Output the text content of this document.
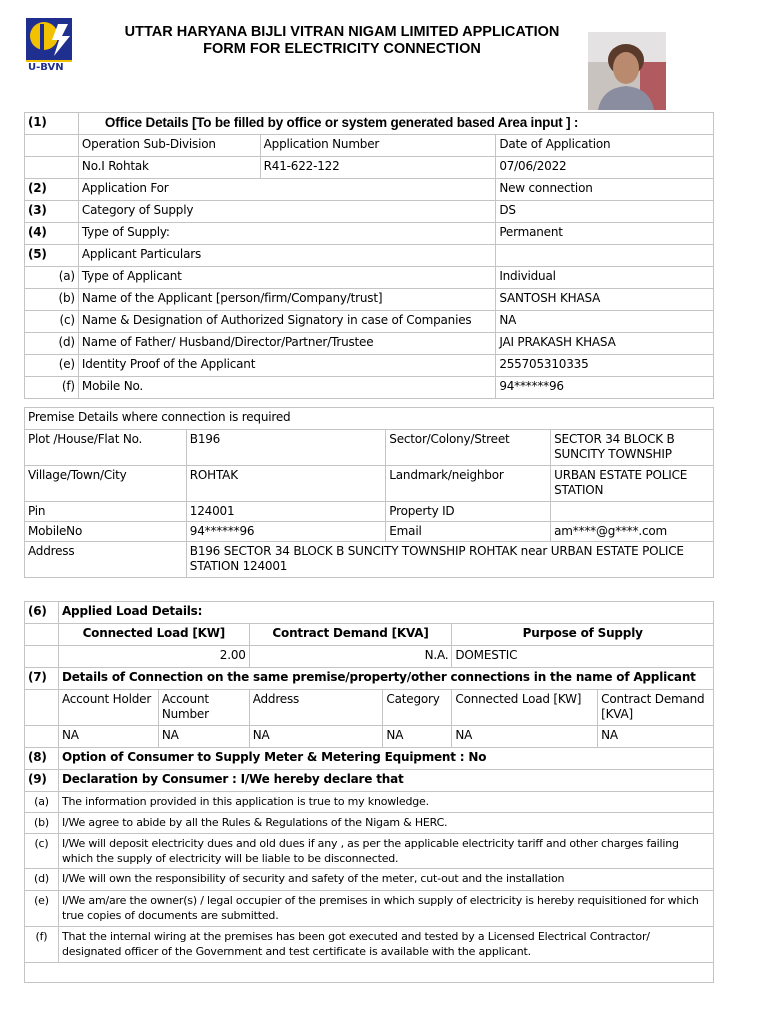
U-BVN
UTTAR HARYANA BIJLI VITRAN NIGAM LIMITED APPLICATION
FORM FOR ELECTRICITY CONNECTION
(1)	Office Details [To be filled by office or system generated based Area input ] :		
	Operation Sub-Division	Application Number	Date of Application
	No.I Rohtak	R41-622-122	07/06/2022
(2)	Application For		New connection
(3)	Category of Supply		DS
(4)	Type of Supply:		Permanent
(5)	Applicant Particulars		
(a)	Type of Applicant		Individual
(b)	Name of the Applicant [person/firm/Company/trust]		SANTOSH KHASA
(c)	Name & Designation of Authorized Signatory in case of Companies		NA
(d)	Name of Father/ Husband/Director/Partner/Trustee		JAI PRAKASH KHASA
(e)	Identity Proof of the Applicant		255705310335
(f)	Mobile No.		94******96
Premise Details where connection is required			
Plot /House/Flat No.	B196	Sector/Colony/Street	SECTOR 34 BLOCK B SUNCITY TOWNSHIP
Village/Town/City	ROHTAK	Landmark/neighbor	URBAN ESTATE POLICE STATION
Pin	124001	Property ID	
MobileNo	94******96	Email	am****@g****.com
Address	B196 SECTOR 34 BLOCK B SUNCITY TOWNSHIP ROHTAK near URBAN ESTATE POLICE STATION 124001		
(6)	Applied Load Details:					
	Connected Load [KW]		Contract Demand [KVA]		Purpose of Supply	
	2.00		N.A.		DOMESTIC	
(7)	Details of Connection on the same premise/property/other connections in the name of Applicant					
	Account Holder	Account Number	Address	Category	Connected Load [KW]	Contract Demand [KVA]
	NA	NA	NA	NA	NA	NA
(8)	Option of Consumer to Supply Meter & Metering Equipment : No					
(9)	Declaration by Consumer : I/We hereby declare that					
(a)	The information provided in this application is true to my knowledge.					
(b)	I/We agree to abide by all the Rules & Regulations of the Nigam & HERC.					
(c)	I/We will deposit electricity dues and old dues if any , as per the applicable electricity tariff and other charges failing which the supply of electricity will be liable to be disconnected.					
(d)	I/We will own the responsibility of security and safety of the meter, cut-out and the installation					
(e)	I/We am/are the owner(s) / legal occupier of the premises in which supply of electricity is hereby requisitioned for which true copies of documents are submitted.					
(f)	That the internal wiring at the premises has been got executed and tested by a Licensed Electrical Contractor/ designated officer of the Government and test certificate is available with the applicant.					
